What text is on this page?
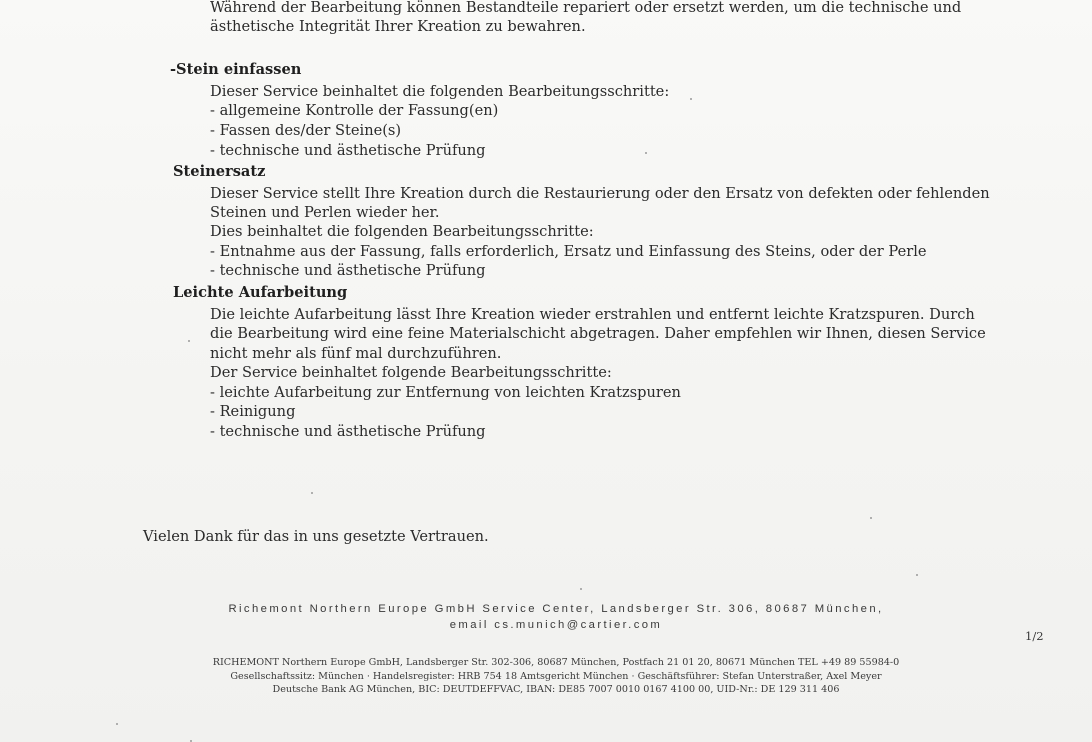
Während der Bearbeitung können Bestandteile repariert oder ersetzt werden, um die technische und
ästhetische Integrität Ihrer Kreation zu bewahren.
-Stein einfassen
Dieser Service beinhaltet die folgenden Bearbeitungsschritte:
- allgemeine Kontrolle der Fassung(en)
- Fassen des/der Steine(s)
- technische und ästhetische Prüfung
Steinersatz
Dieser Service stellt Ihre Kreation durch die Restaurierung oder den Ersatz von defekten oder fehlenden
Steinen und Perlen wieder her.
Dies beinhaltet die folgenden Bearbeitungsschritte:
- Entnahme aus der Fassung, falls erforderlich, Ersatz und Einfassung des Steins, oder der Perle
- technische und ästhetische Prüfung
Leichte Aufarbeitung
Die leichte Aufarbeitung lässt Ihre Kreation wieder erstrahlen und entfernt leichte Kratzspuren. Durch
die Bearbeitung wird eine feine Materialschicht abgetragen. Daher empfehlen wir Ihnen, diesen Service
nicht mehr als fünf mal durchzuführen.
Der Service beinhaltet folgende Bearbeitungsschritte:
- leichte Aufarbeitung zur Entfernung von leichten Kratzspuren
- Reinigung
- technische und ästhetische Prüfung
Vielen Dank für das in uns gesetzte Vertrauen.
Richemont Northern Europe GmbH Service Center, Landsberger Str. 306, 80687 München,
email cs.munich@cartier.com
1/2
RICHEMONT Northern Europe GmbH, Landsberger Str. 302-306, 80687 München, Postfach 21 01 20, 80671 München TEL +49 89 55984-0
Gesellschaftssitz: München · Handelsregister: HRB 754 18 Amtsgericht München · Geschäftsführer: Stefan Unterstraßer, Axel Meyer
Deutsche Bank AG München, BIC: DEUTDEFFVAC, IBAN: DE85 7007 0010 0167 4100 00, UID-Nr.: DE 129 311 406
